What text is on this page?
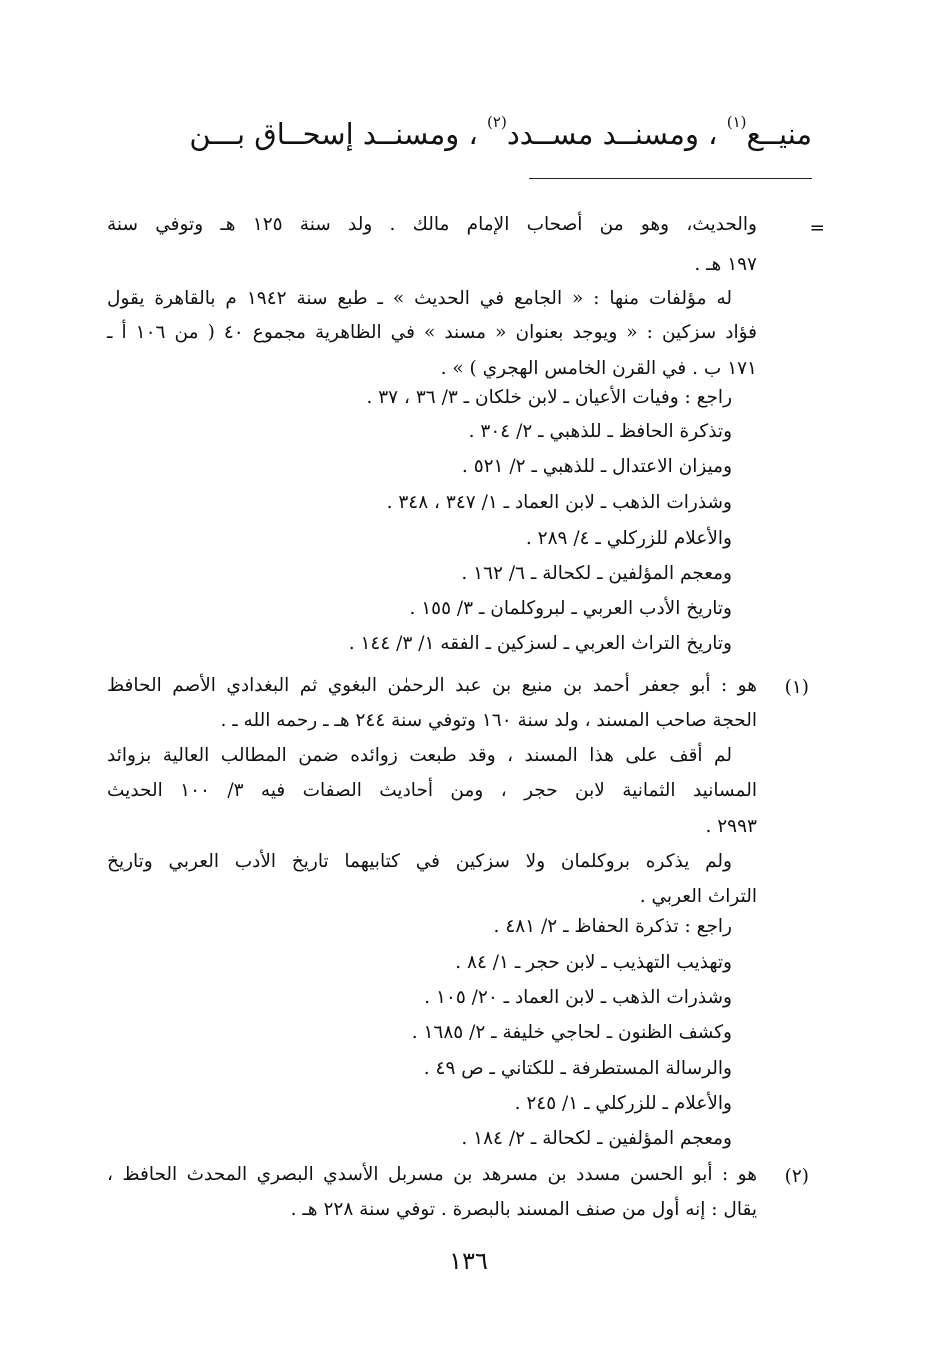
منيــع$^{(١)}$ ، ومسنــد مســدد$^{(٢)}$ ، ومسنــد إسحــاق بـــن
=
والحديث، وهو من أصحاب الإمام مالك . ولد سنة ١٢٥ هـ وتوفي سنة
١٩٧ هـ .
له مؤلفات منها : « الجامع في الحديث » ـ طبع سنة ١٩٤٢ م بالقاهرة يقول
فؤاد سزكين : « ويوجد بعنوان « مسند » في الظاهرية مجموع ٤٠ ( من ١٠٦ أ ـ
١٧١ ب . في القرن الخامس الهجري ) » .
راجع : وفيات الأعيان ـ لابن خلكان ـ ٣/ ٣٦ ، ٣٧ .
وتذكرة الحافظ ـ للذهبي ـ ٢/ ٣٠٤ .
وميزان الاعتدال ـ للذهبي ـ ٢/ ٥٢١ .
وشذرات الذهب ـ لابن العماد ـ ١/ ٣٤٧ ، ٣٤٨ .
والأعلام للزركلي ـ ٤/ ٢٨٩ .
ومعجم المؤلفين ـ لكحالة ـ ٦/ ١٦٢ .
وتاريخ الأدب العربي ـ لبروكلمان ـ ٣/ ١٥٥ .
وتاريخ التراث العربي ـ لسزكين ـ الفقه ١/ ٣/ ١٤٤ .
(١)
هو : أبو جعفر أحمد بن منيع بن عبد الرحمٰن البغوي ثم البغدادي الأصم الحافظ
الحجة صاحب المسند ، ولد سنة ١٦٠ وتوفي سنة ٢٤٤ هـ ـ رحمه الله ـ .
لم أقف على هذا المسند ، وقد طبعت زوائده ضمن المطالب العالية بزوائد
المسانيد الثمانية لابن حجر ، ومن أحاديث الصفات فيه ٣/ ١٠٠ الحديث
٢٩٩٣ .
ولم يذكره بروكلمان ولا سزكين في كتابيهما تاريخ الأدب العربي وتاريخ
التراث العربي .
راجع : تذكرة الحفاظ ـ ٢/ ٤٨١ .
وتهذيب التهذيب ـ لابن حجر ـ ١/ ٨٤ .
وشذرات الذهب ـ لابن العماد ـ ٢٠/ ١٠٥ .
وكشف الظنون ـ لحاجي خليفة ـ ٢/ ١٦٨٥ .
والرسالة المستطرفة ـ للكتاني ـ ص ٤٩ .
والأعلام ـ للزركلي ـ ١/ ٢٤٥ .
ومعجم المؤلفين ـ لكحالة ـ ٢/ ١٨٤ .
(٢)
هو : أبو الحسن مسدد بن مسرهد بن مسربل الأسدي البصري المحدث الحافظ ،
يقال : إنه أول من صنف المسند بالبصرة . توفي سنة ٢٢٨ هـ .
١٣٦
